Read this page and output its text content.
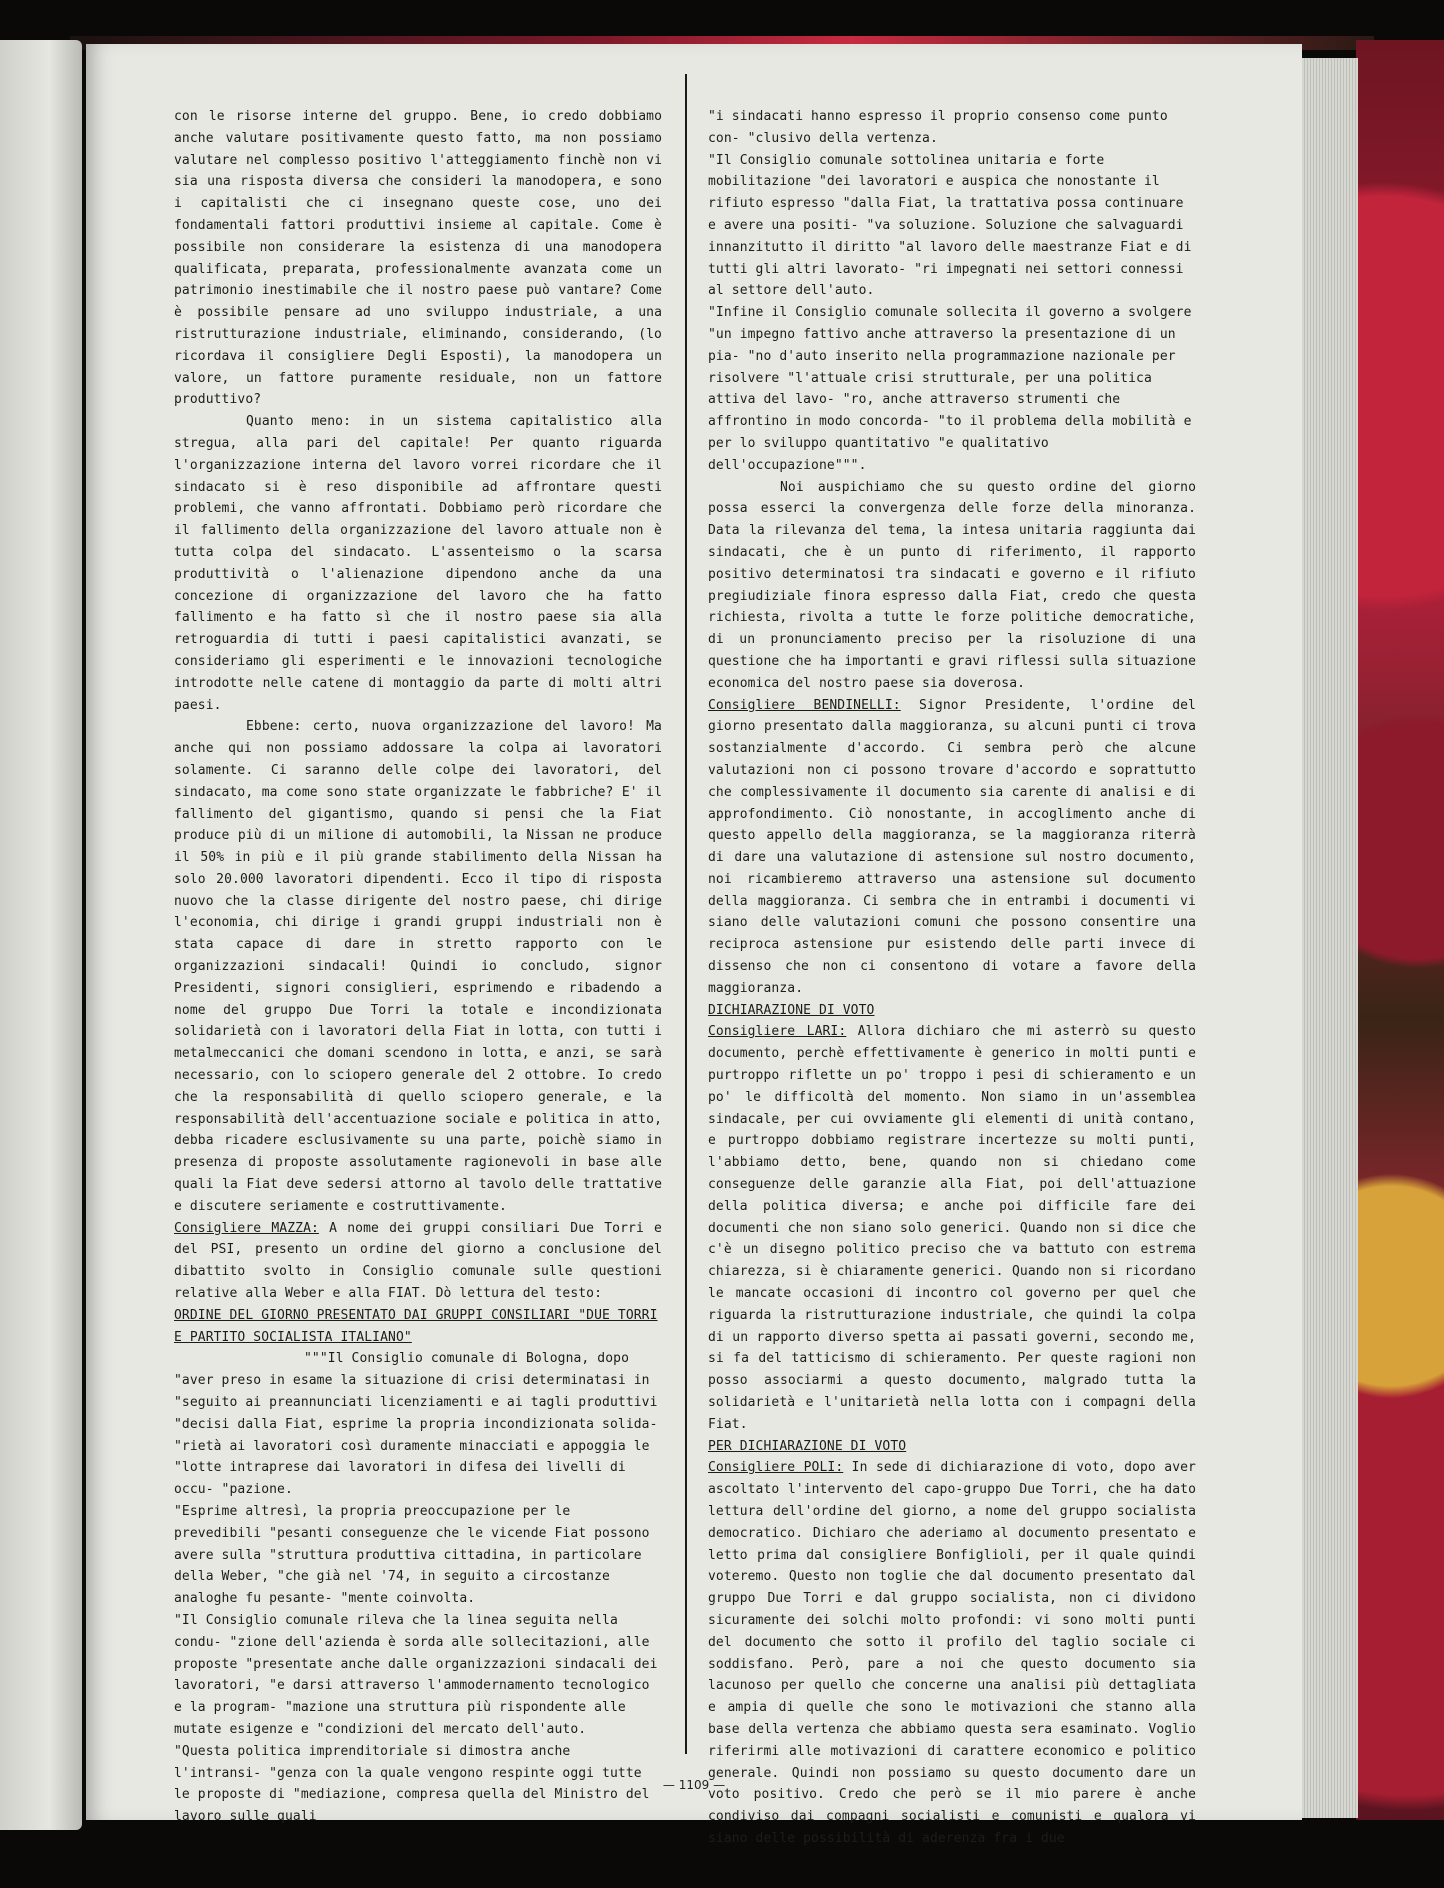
con le risorse interne del gruppo. Bene, io credo dobbiamo anche valutare positivamente questo fatto, ma non possiamo valutare nel complesso positivo l'atteggiamento finchè non vi sia una risposta diversa che consideri la manodopera, e sono i capitalisti che ci insegnano queste cose, uno dei fondamentali fattori produttivi insieme al capitale. Come è possibile non considerare la esistenza di una manodopera qualificata, preparata, professionalmente avanzata come un patrimonio inestimabile che il nostro paese può vantare? Come è possibile pensare ad uno sviluppo industriale, a una ristrutturazione industriale, eliminando, considerando, (lo ricordava il consigliere Degli Esposti), la manodopera un valore, un fattore puramente residuale, non un fattore produttivo?

Quanto meno: in un sistema capitalistico alla stregua, alla pari del capitale! Per quanto riguarda l'organizzazione interna del lavoro vorrei ricordare che il sindacato si è reso disponibile ad affrontare questi problemi, che vanno affrontati. Dobbiamo però ricordare che il fallimento della organizzazione del lavoro attuale non è tutta colpa del sindacato. L'assenteismo o la scarsa produttività o l'alienazione dipendono anche da una concezione di organizzazione del lavoro che ha fatto fallimento e ha fatto sì che il nostro paese sia alla retroguardia di tutti i paesi capitalistici avanzati, se consideriamo gli esperimenti e le innovazioni tecnologiche introdotte nelle catene di montaggio da parte di molti altri paesi.

Ebbene: certo, nuova organizzazione del lavoro! Ma anche qui non possiamo addossare la colpa ai lavoratori solamente. Ci saranno delle colpe dei lavoratori, del sindacato, ma come sono state organizzate le fabbriche? E' il fallimento del gigantismo, quando si pensi che la Fiat produce più di un milione di automobili, la Nissan ne produce il 50% in più e il più grande stabilimento della Nissan ha solo 20.000 lavoratori dipendenti. Ecco il tipo di risposta nuovo che la classe dirigente del nostro paese, chi dirige l'economia, chi dirige i grandi gruppi industriali non è stata capace di dare in stretto rapporto con le organizzazioni sindacali! Quindi io concludo, signor Presidenti, signori consiglieri, esprimendo e ribadendo a nome del gruppo Due Torri la totale e incondizionata solidarietà con i lavoratori della Fiat in lotta, con tutti i metalmeccanici che domani scendono in lotta, e anzi, se sarà necessario, con lo sciopero generale del 2 ottobre. Io credo che la responsabilità di quello sciopero generale, e la responsabilità dell'accentuazione sociale e politica in atto, debba ricadere esclusivamente su una parte, poichè siamo in presenza di proposte assolutamente ragionevoli in base alle quali la Fiat deve sedersi attorno al tavolo delle trattative e discutere seriamente e costruttivamente.

Consigliere MAZZA: A nome dei gruppi consiliari Due Torri e del PSI, presento un ordine del giorno a conclusione del dibattito svolto in Consiglio comunale sulle questioni relative alla Weber e alla FIAT. Dò lettura del testo:

ORDINE DEL GIORNO PRESENTATO DAI GRUPPI CONSILIARI "DUE TORRI E PARTITO SOCIALISTA ITALIANO"

"""Il Consiglio comunale di Bologna, dopo "aver preso in esame la situazione di crisi determinatasi in "seguito ai preannunciati licenziamenti e ai tagli produttivi "decisi dalla Fiat, esprime la propria incondizionata solida- "rietà ai lavoratori così duramente minacciati e appoggia le "lotte intraprese dai lavoratori in difesa dei livelli di occu- "pazione.

"Esprime altresì, la propria preoccupazione per le prevedibili "pesanti conseguenze che le vicende Fiat possono avere sulla "struttura produttiva cittadina, in particolare della Weber, "che già nel '74, in seguito a circostanze analoghe fu pesante- "mente coinvolta.

"Il Consiglio comunale rileva che la linea seguita nella condu- "zione dell'azienda è sorda alle sollecitazioni, alle proposte "presentate anche dalle organizzazioni sindacali dei lavoratori, "e darsi attraverso l'ammodernamento tecnologico e la program- "mazione una struttura più rispondente alle mutate esigenze e "condizioni del mercato dell'auto.

"Questa politica imprenditoriale si dimostra anche l'intransi- "genza con la quale vengono respinte oggi tutte le proposte di "mediazione, compresa quella del Ministro del lavoro sulle quali

"i sindacati hanno espresso il proprio consenso come punto con- "clusivo della vertenza.

"Il Consiglio comunale sottolinea unitaria e forte mobilitazione "dei lavoratori e auspica che nonostante il rifiuto espresso "dalla Fiat, la trattativa possa continuare e avere una positi- "va soluzione. Soluzione che salvaguardi innanzitutto il diritto "al lavoro delle maestranze Fiat e di tutti gli altri lavorato- "ri impegnati nei settori connessi al settore dell'auto.

"Infine il Consiglio comunale sollecita il governo a svolgere "un impegno fattivo anche attraverso la presentazione di un pia- "no d'auto inserito nella programmazione nazionale per risolvere "l'attuale crisi strutturale, per una politica attiva del lavo- "ro, anche attraverso strumenti che affrontino in modo concorda- "to il problema della mobilità e per lo sviluppo quantitativo "e qualitativo dell'occupazione""".

Noi auspichiamo che su questo ordine del giorno possa esserci la convergenza delle forze della minoranza. Data la rilevanza del tema, la intesa unitaria raggiunta dai sindacati, che è un punto di riferimento, il rapporto positivo determinatosi tra sindacati e governo e il rifiuto pregiudiziale finora espresso dalla Fiat, credo che questa richiesta, rivolta a tutte le forze politiche democratiche, di un pronunciamento preciso per la risoluzione di una questione che ha importanti e gravi riflessi sulla situazione economica del nostro paese sia doverosa.

Consigliere BENDINELLI: Signor Presidente, l'ordine del giorno presentato dalla maggioranza, su alcuni punti ci trova sostanzialmente d'accordo. Ci sembra però che alcune valutazioni non ci possono trovare d'accordo e soprattutto che complessivamente il documento sia carente di analisi e di approfondimento. Ciò nonostante, in accoglimento anche di questo appello della maggioranza, se la maggioranza riterrà di dare una valutazione di astensione sul nostro documento, noi ricambieremo attraverso una astensione sul documento della maggioranza. Ci sembra che in entrambi i documenti vi siano delle valutazioni comuni che possono consentire una reciproca astensione pur esistendo delle parti invece di dissenso che non ci consentono di votare a favore della maggioranza.

DICHIARAZIONE DI VOTO

Consigliere LARI: Allora dichiaro che mi asterrò su questo documento, perchè effettivamente è generico in molti punti e purtroppo riflette un po' troppo i pesi di schieramento e un po' le difficoltà del momento. Non siamo in un'assemblea sindacale, per cui ovviamente gli elementi di unità contano, e purtroppo dobbiamo registrare incertezze su molti punti, l'abbiamo detto, bene, quando non si chiedano come conseguenze delle garanzie alla Fiat, poi dell'attuazione della politica diversa; e anche poi difficile fare dei documenti che non siano solo generici. Quando non si dice che c'è un disegno politico preciso che va battuto con estrema chiarezza, si è chiaramente generici. Quando non si ricordano le mancate occasioni di incontro col governo per quel che riguarda la ristrutturazione industriale, che quindi la colpa di un rapporto diverso spetta ai passati governi, secondo me, si fa del tatticismo di schieramento. Per queste ragioni non posso associarmi a questo documento, malgrado tutta la solidarietà e l'unitarietà nella lotta con i compagni della Fiat.

PER DICHIARAZIONE DI VOTO

Consigliere POLI: In sede di dichiarazione di voto, dopo aver ascoltato l'intervento del capo-gruppo Due Torri, che ha dato lettura dell'ordine del giorno, a nome del gruppo socialista democratico. Dichiaro che aderiamo al documento presentato e letto prima dal consigliere Bonfiglioli, per il quale quindi voteremo. Questo non toglie che dal documento presentato dal gruppo Due Torri e dal gruppo socialista, non ci dividono sicuramente dei solchi molto profondi: vi sono molti punti del documento che sotto il profilo del taglio sociale ci soddisfano. Però, pare a noi che questo documento sia lacunoso per quello che concerne una analisi più dettagliata e ampia di quelle che sono le motivazioni che stanno alla base della vertenza che abbiamo questa sera esaminato. Voglio riferirmi alle motivazioni di carattere economico e politico generale. Quindi non possiamo su questo documento dare un voto positivo. Credo che però se il mio parere è anche condiviso dai compagni socialisti e comunisti e qualora vi siano delle possibilità di aderenza fra i due

— 1109 —
